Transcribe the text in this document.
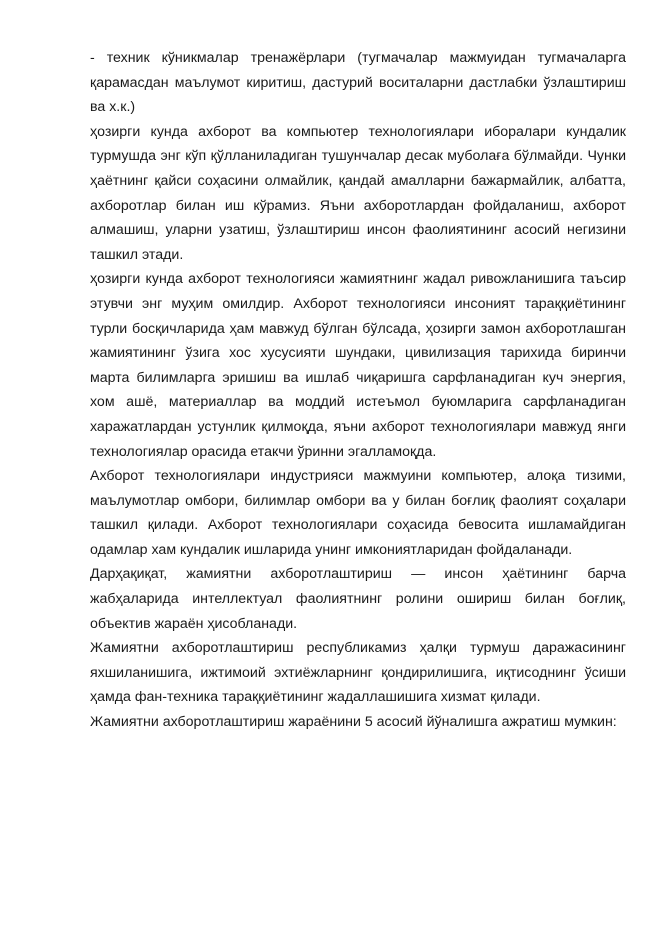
- техник кўникмалар тренажёрлари (тугмачалар мажмуидан тугмачаларга қарамасдан маълумот киритиш, дастурий воситаларни дастлабки ўзлаштириш ва х.к.)

ҳозирги кунда ахборот ва компьютер технологиялари иборалари кундалик турмушда энг кўп қўлланиладиган тушунчалар десак муболағa бўлмайди. Чунки ҳаётнинг қайси соҳасини олмайлик, қандай амалларни бажармайлик, албатта, ахборотлар билан иш кўрамиз. Яъни ахборотлардан фойдаланиш, ахборот алмашиш, уларни узатиш, ўзлаштириш инсон фаолиятининг асосий негизини ташкил этади.

ҳозирги кунда ахборот технологияси жамиятнинг жадал ривожланишига таъсир этувчи энг муҳим омилдир. Ахборот технологияси инсоният тараққиётининг турли босқичларида ҳам мавжуд бўлган бўлсада, ҳозирги замон ахборотлашган жамиятининг ўзига хос хусусияти шундаки, цивилизация тарихида биринчи марта билимларга эришиш ва ишлаб чиқаришга сарфланадиган куч энергия, хом ашё, материаллар ва моддий истеъмол буюмларига сарфланадиган харажатлардан устунлик қилмоқда, яъни ахборот технологиялари мавжуд янги технологиялар орасида етакчи ўринни эгалламоқда.

Ахборот технологиялари индустрияси мажмуини компьютер, алоқа тизими, маълумотлар омбори, билимлар омбори ва у билан боғлиқ фаолият соҳалари ташкил қилади. Ахборот технологиялари соҳасида бевосита ишламайдиган одамлар хам кундалик ишларида унинг имкониятларидан фойдаланади.

Дарҳақиқат, жамиятни ахборотлаштириш — инсон ҳаётининг барча жабҳаларида интеллектуал фаолиятнинг ролини ошириш билан боғлиқ, объектив жараён ҳисобланади.

Жамиятни ахборотлаштириш республикамиз ҳалқи турмуш даражасининг яхшиланишига, ижтимоий эхтиёжларнинг қондирилишига, иқтисоднинг ўсиши ҳамда фан-техника тараққиётининг жадаллашишига хизмат қилади.

Жамиятни ахборотлаштириш жараёнини 5 асосий йўналишга ажратиш мумкин:
